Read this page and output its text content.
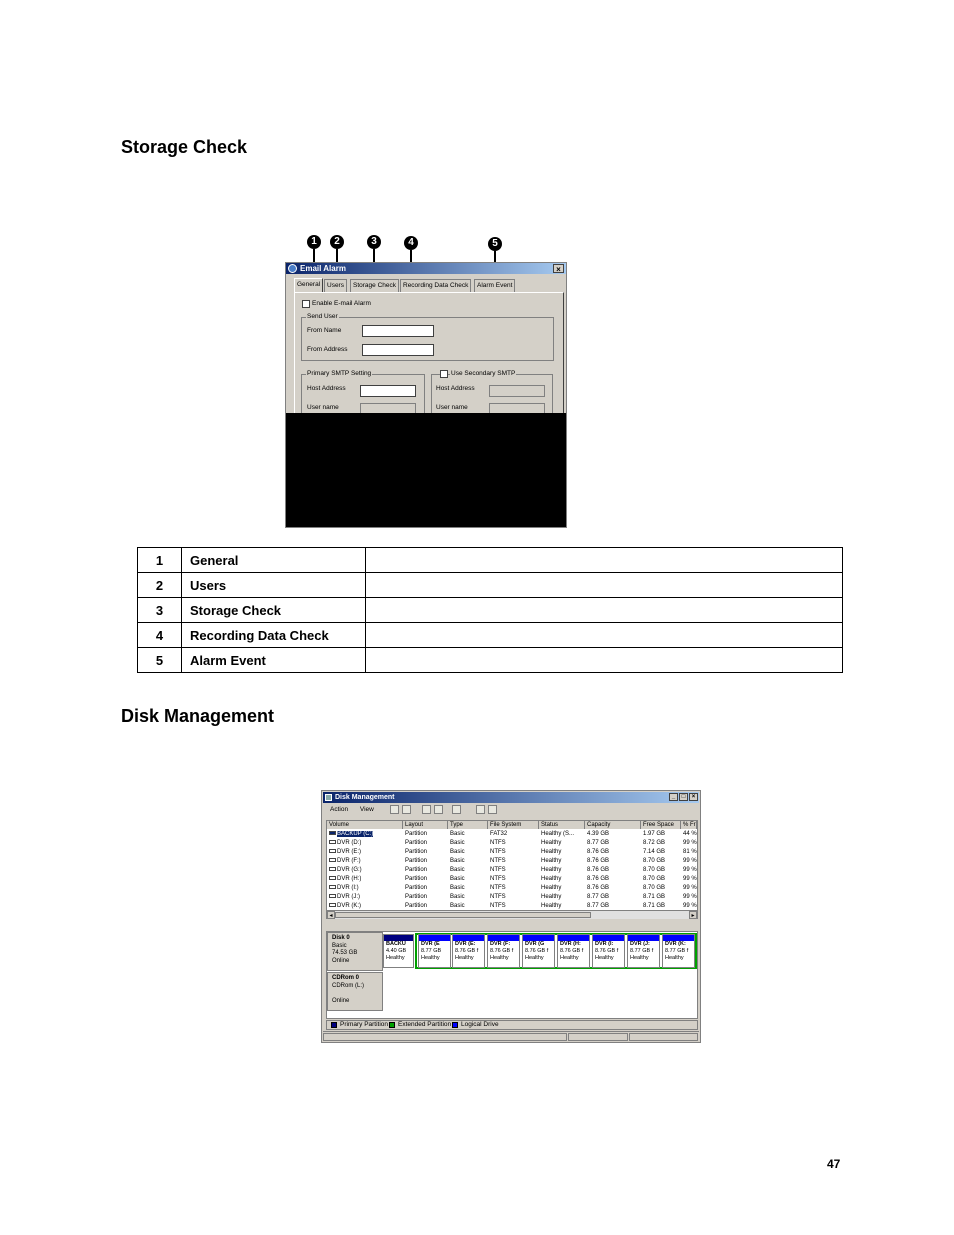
Storage Check
1	2	3	4	5
Email Alarm	×
General	Users	Storage Check	Recording Data Check	Alarm Event
Enable E-mail Alarm
Send User
From Name
From Address
Primary SMTP Setting
Host Address
User name
Use Secondary SMTP
Host Address
User name
1	General	
2	Users	
3	Storage Check	
4	Recording Data Check	
5	Alarm Event	
Disk Management
Disk Management	_	□	×
Action View
Volume	Layout	Type	File System	Status	Capacity	Free Space	% Fr
BACKUP (C:)	Partition	Basic	FAT32	Healthy (S...	4.39 GB	1.97 GB	44 %
DVR (D:)	Partition	Basic	NTFS	Healthy	8.77 GB	8.72 GB	99 %
DVR (E:)	Partition	Basic	NTFS	Healthy	8.76 GB	7.14 GB	81 %
DVR (F:)	Partition	Basic	NTFS	Healthy	8.76 GB	8.70 GB	99 %
DVR (G:)	Partition	Basic	NTFS	Healthy	8.76 GB	8.70 GB	99 %
DVR (H:)	Partition	Basic	NTFS	Healthy	8.76 GB	8.70 GB	99 %
DVR (I:)	Partition	Basic	NTFS	Healthy	8.76 GB	8.70 GB	99 %
DVR (J:)	Partition	Basic	NTFS	Healthy	8.77 GB	8.71 GB	99 %
DVR (K:)	Partition	Basic	NTFS	Healthy	8.77 GB	8.71 GB	99 %
◂	▸
Disk 0
Basic
74.53 GB
Online
CDRom 0
CDRom (L:)

Online
BACKU
4.40 GB
Healthy
DVR (E
8.77 GB
Healthy
DVR (E:
8.76 GB f
Healthy
DVR (F:
8.76 GB f
Healthy
DVR (G
8.76 GB f
Healthy
DVR (H:
8.76 GB f
Healthy
DVR (I:
8.76 GB f
Healthy
DVR (J:
8.77 GB f
Healthy
DVR (K:
8.77 GB f
Healthy
Primary Partition Extended Partition Logical Drive
47
